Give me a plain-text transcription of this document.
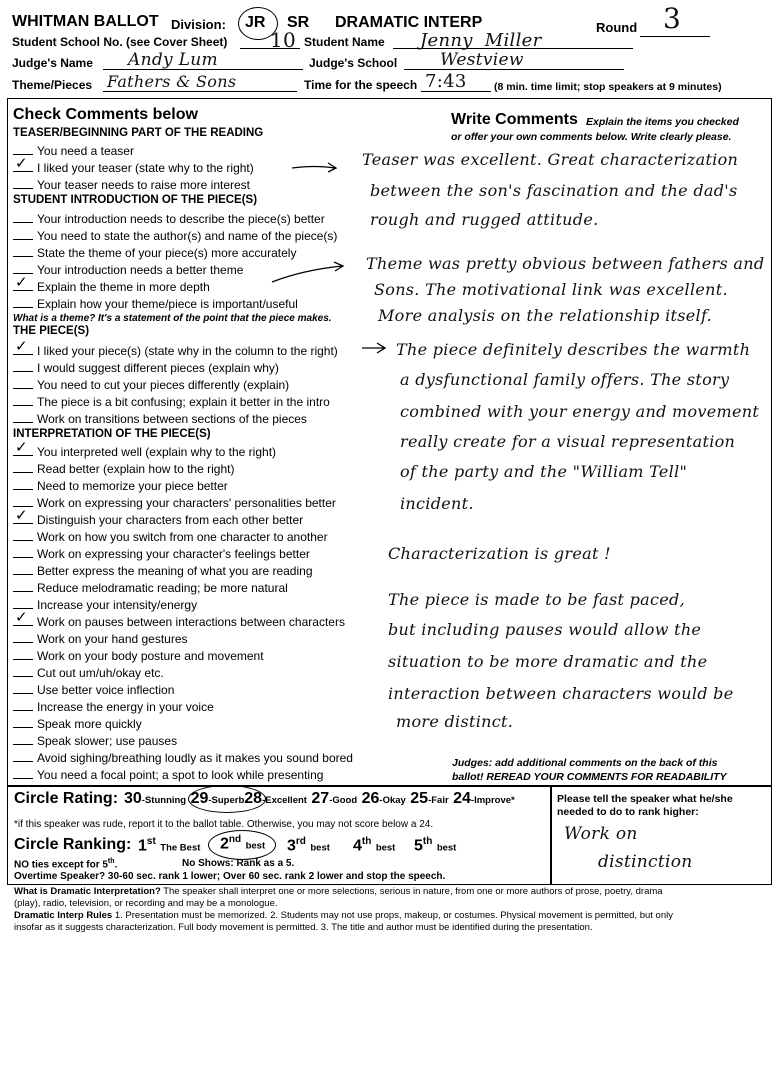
WHITMAN BALLOT Division: JR SR DRAMATIC INTERP	Round 3
Student School No. (see Cover Sheet) 10 Student Name Jenny  Miller
Judge's Name Andy Lum	Judge's School	Westview
Theme/Pieces Fathers & Sons	Time for the speech 7:43	(8 min. time limit; stop speakers at 9 minutes)
Check Comments below	Write Comments Explain the items you checked
or offer your own comments below. Write clearly please.
TEASER/BEGINNING PART OF THE READING
STUDENT INTRODUCTION OF THE PIECE(S)
What is a theme? It's a statement of the point that the piece makes.
THE PIECE(S)
INTERPRETATION OF THE PIECE(S)
You need a teaser
✓ I liked your teaser (state why to the right)
Your teaser needs to raise more interest
Your introduction needs to describe the piece(s) better
You need to state the author(s) and name of the piece(s)
State the theme of your piece(s) more accurately
Your introduction needs a better theme
✓ Explain the theme in more depth
Explain how your theme/piece is important/useful
✓ I liked your piece(s) (state why in the column to the right)
I would suggest different pieces (explain why)
You need to cut your pieces differently (explain)
The piece is a bit confusing; explain it better in the intro
Work on transitions between sections of the pieces
✓ You interpreted well (explain why to the right)
Read better (explain how to the right)
Need to memorize your piece better
Work on expressing your characters' personalities better
✓ Distinguish your characters from each other better
Work on how you switch from one character to another
Work on expressing your character's feelings better
Better express the meaning of what you are reading
Reduce melodramatic reading; be more natural
Increase your intensity/energy
✓ Work on pauses between interactions between characters
Work on your hand gestures
Work on your body posture and movement
Cut out um/uh/okay etc.
Use better voice inflection
Increase the energy in your voice
Speak more quickly
Speak slower; use pauses
Avoid sighing/breathing loudly as it makes you sound bored
You need a focal point; a spot to look while presenting
Teaser was excellent. Great characterization
between the son's fascination and the dad's
rough and rugged attitude.
Theme was pretty obvious between fathers and
Sons. The motivational link was excellent.
More analysis on the relationship itself.
The piece definitely describes the warmth
a dysfunctional family offers. The story
combined with your energy and movement
really create for a visual representation
of the party and the "William Tell"
incident.
Characterization is great !
The piece is made to be fast paced,
but including pauses would allow the
situation to be more dramatic and the
interaction between characters would be
more distinct.
Judges: add additional comments on the back of this
ballot! REREAD YOUR COMMENTS FOR READABILITY
Circle Rating: 30-Stunning 29-Superb28-Excellent 27-Good 26-Okay 25-Fair 24-Improve*
*if this speaker was rude, report it to the ballot table. Otherwise, you may not score below a 24.
Circle Ranking: 1st The Best 2nd best 3rd best 4th best 5th best
NO ties except for 5th.	No Shows: Rank as a 5.
Overtime Speaker? 30-60 sec. rank 1 lower; Over 60 sec. rank 2 lower and stop the speech.
Please tell the speaker what he/she
needed to do to rank higher:
Work on
distinction
What is Dramatic Interpretation? The speaker shall interpret one or more selections, serious in nature, from one or more authors of prose, poetry, drama
(play), radio, television, or recording and may be a monologue.
Dramatic Interp Rules 1. Presentation must be memorized. 2. Students may not use props, makeup, or costumes. Physical movement is permitted, but only
insofar as it suggests characterization. Full body movement is permitted. 3. The title and author must be identified during the presentation.
